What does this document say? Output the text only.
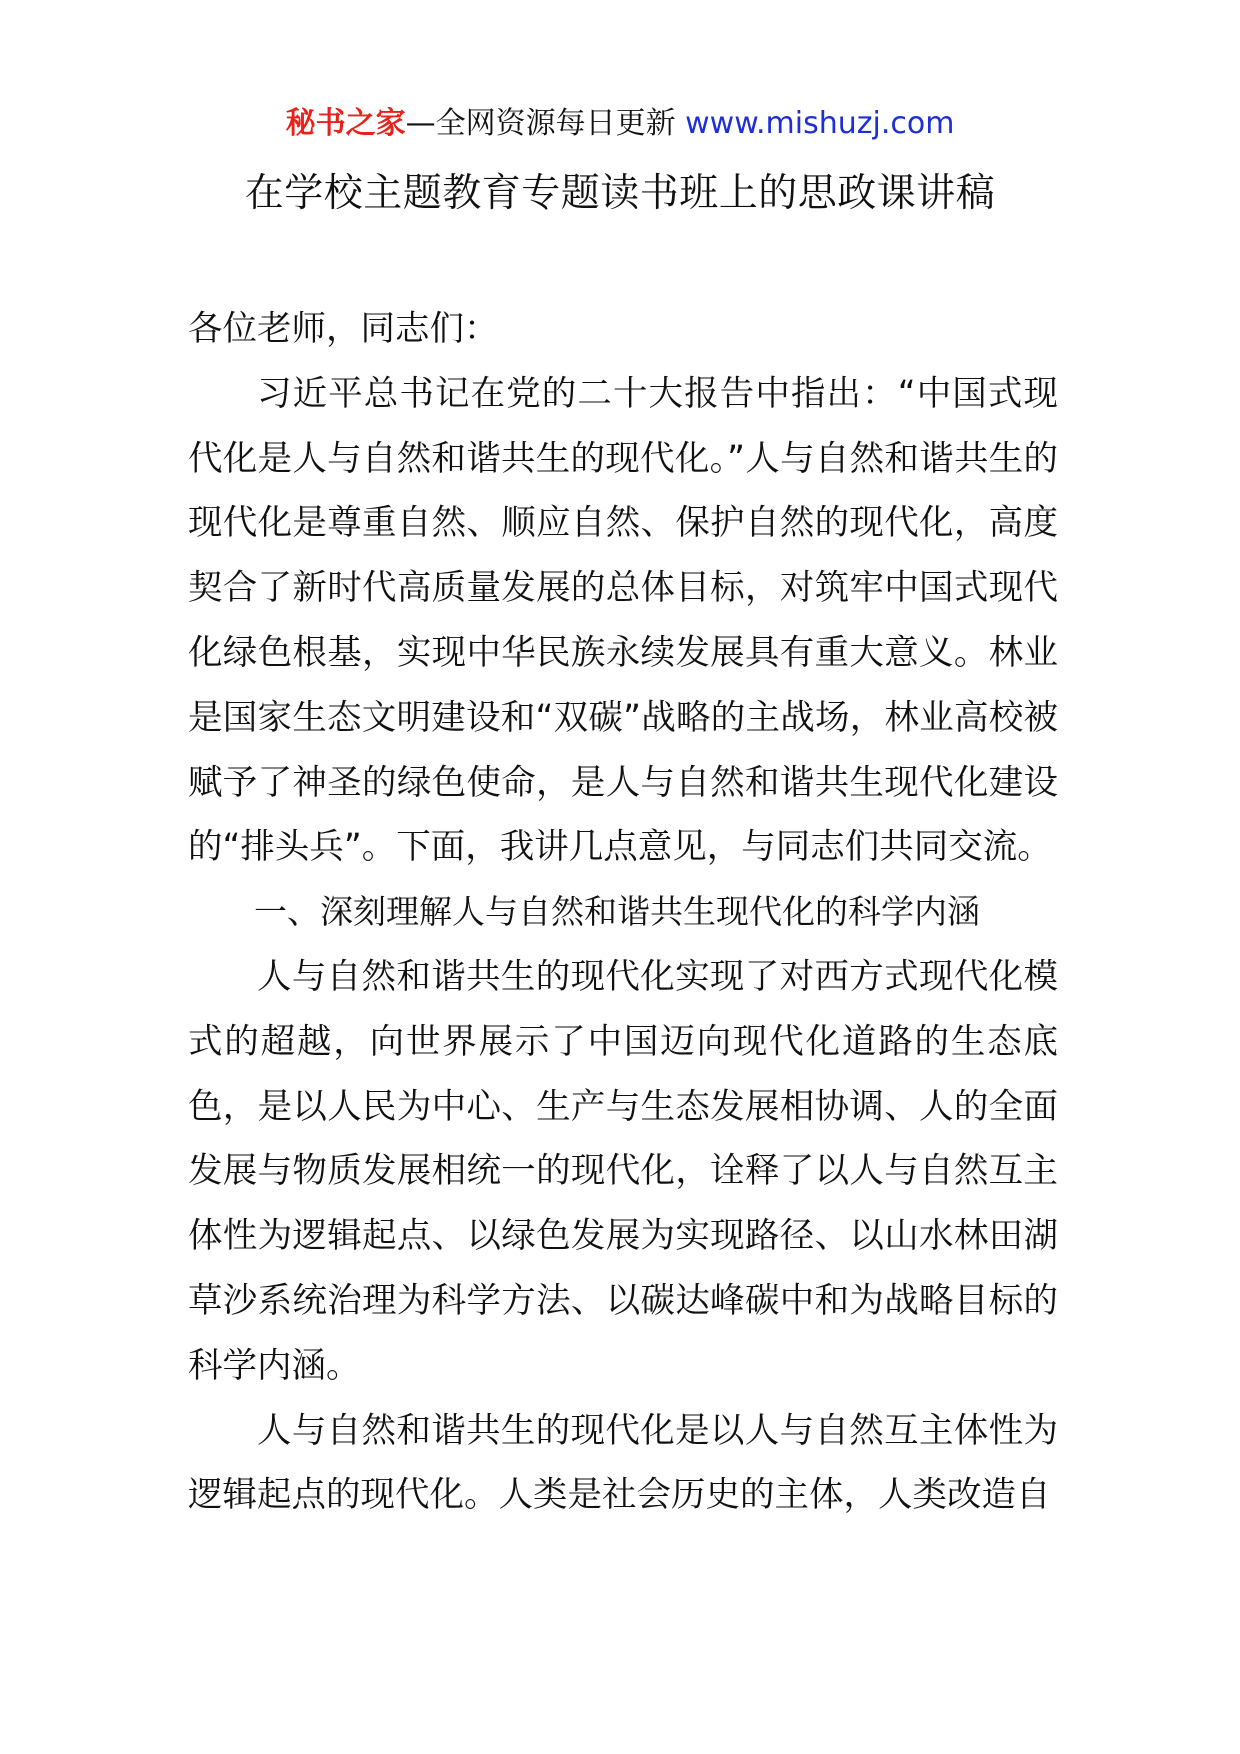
秘书之家—全网资源每日更新 www.mishuzj.com
在学校主题教育专题读书班上的思政课讲稿

各位老师，同志们：

习近平总书记在党的二十大报告中指出：“中国式现代化是人与自然和谐共生的现代化。”人与自然和谐共生的现代化是尊重自然、顺应自然、保护自然的现代化，高度契合了新时代高质量发展的总体目标，对筑牢中国式现代化绿色根基，实现中华民族永续发展具有重大意义。林业是国家生态文明建设和“双碳”战略的主战场，林业高校被赋予了神圣的绿色使命，是人与自然和谐共生现代化建设的“排头兵”。下面，我讲几点意见，与同志们共同交流。

一、深刻理解人与自然和谐共生现代化的科学内涵

人与自然和谐共生的现代化实现了对西方式现代化模式的超越，向世界展示了中国迈向现代化道路的生态底色，是以人民为中心、生产与生态发展相协调、人的全面发展与物质发展相统一的现代化，诠释了以人与自然互主体性为逻辑起点、以绿色发展为实现路径、以山水林田湖草沙系统治理为科学方法、以碳达峰碳中和为战略目标的科学内涵。

人与自然和谐共生的现代化是以人与自然互主体性为逻辑起点的现代化。人类是社会历史的主体，人类改造自
